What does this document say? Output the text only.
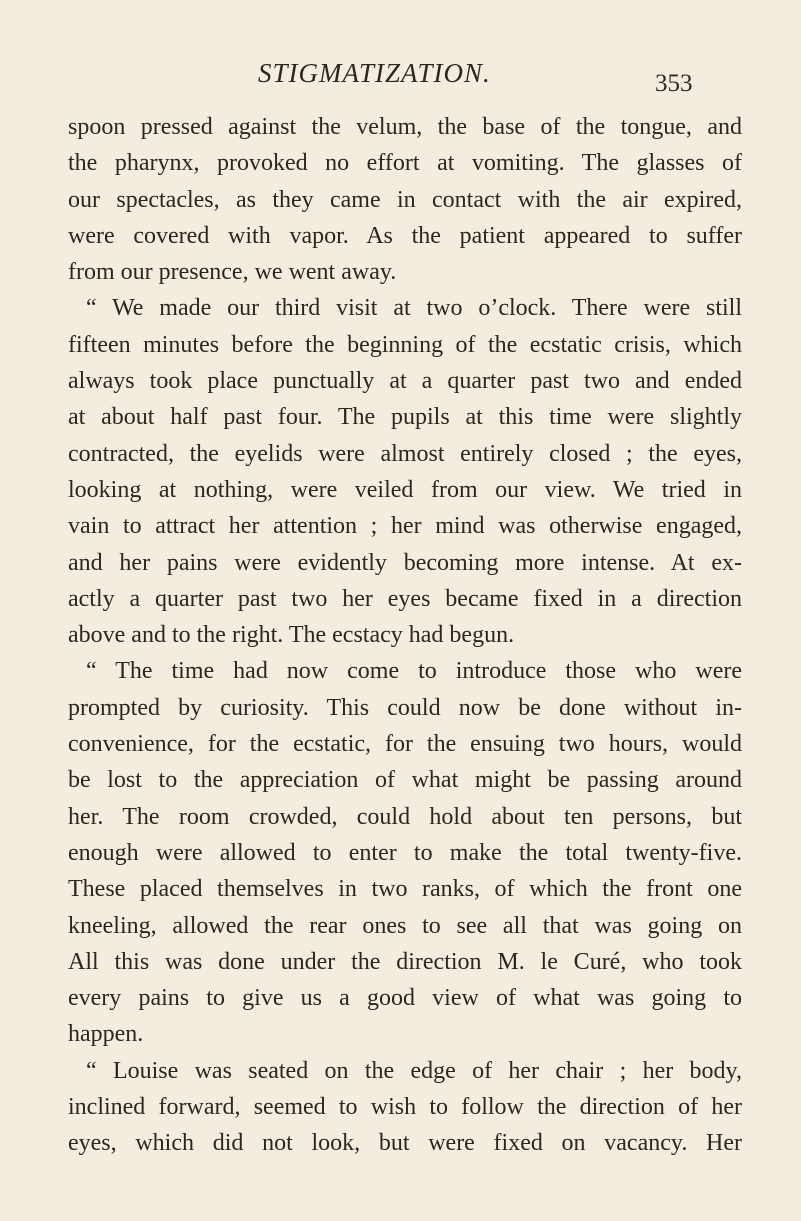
STIGMATIZATION.	353
spoon pressed against the velum, the base of the tongue, and
the pharynx, provoked no effort at vomiting. The glasses of
our spectacles, as they came in contact with the air expired,
were covered with vapor. As the patient appeared to suffer
from our presence, we went away.
“ We made our third visit at two o’clock. There were still
fifteen minutes before the beginning of the ecstatic crisis, which
always took place punctually at a quarter past two and ended
at about half past four. The pupils at this time were slightly
contracted, the eyelids were almost entirely closed ; the eyes,
looking at nothing, were veiled from our view. We tried in
vain to attract her attention ; her mind was otherwise engaged,
and her pains were evidently becoming more intense. At ex-
actly a quarter past two her eyes became fixed in a direction
above and to the right. The ecstacy had begun.
“ The time had now come to introduce those who were
prompted by curiosity. This could now be done without in-
convenience, for the ecstatic, for the ensuing two hours, would
be lost to the appreciation of what might be passing around
her. The room crowded, could hold about ten persons, but
enough were allowed to enter to make the total twenty-five.
These placed themselves in two ranks, of which the front one
kneeling, allowed the rear ones to see all that was going on
All this was done under the direction M. le Curé, who took
every pains to give us a good view of what was going to
happen.
“ Louise was seated on the edge of her chair ; her body,
inclined forward, seemed to wish to follow the direction of her
eyes, which did not look, but were fixed on vacancy. Her
